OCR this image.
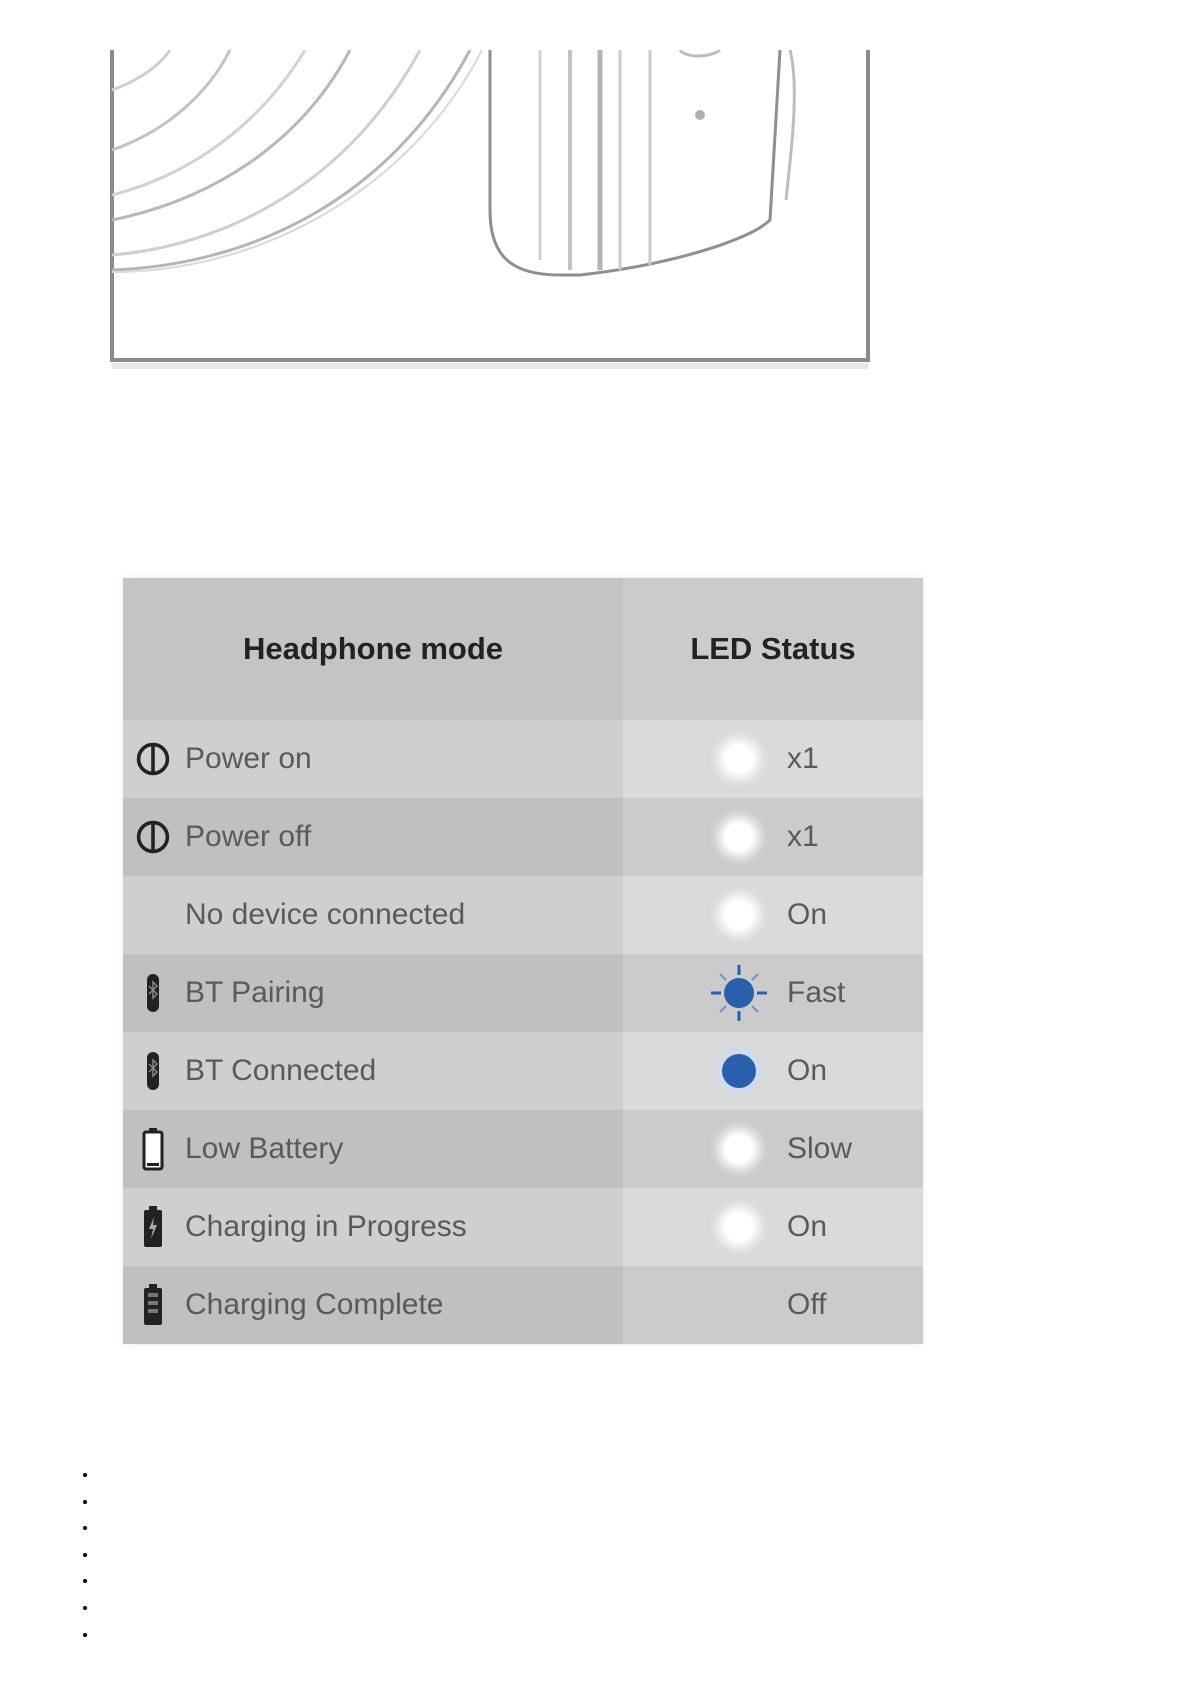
Headphone mode	LED Status

Power on	x1

Power off	x1

No device connected	On

BT Pairing	Fast

BT Connected	On

Low Battery	Slow

Charging in Progress	On

Charging Complete	Off
